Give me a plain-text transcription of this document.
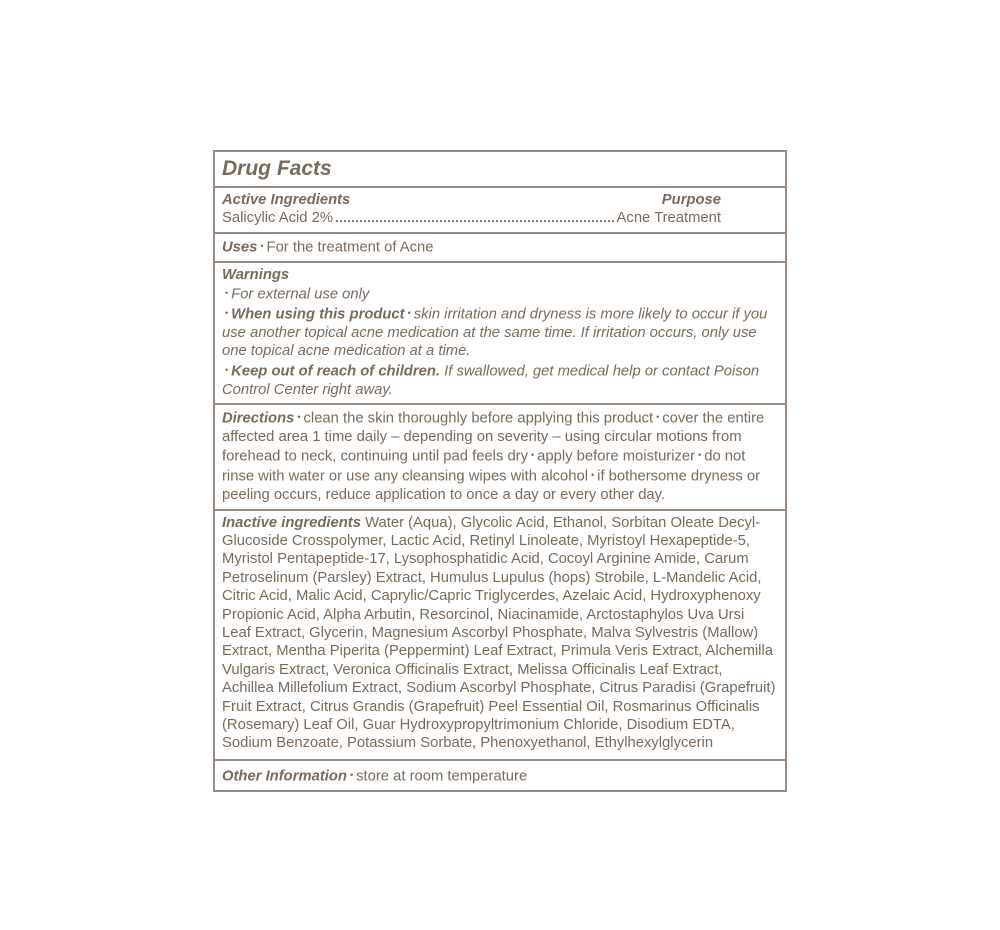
Drug Facts
Active Ingredients	Purpose
Salicylic Acid 2%	Acne Treatment

Uses • For the treatment of Acne

Warnings

• For external use only

• When using this product • skin irritation and dryness is more likely to occur if you use another topical acne medication at the same time. If irritation occurs, only use one topical acne medication at a time.

• Keep out of reach of children. If swallowed, get medical help or contact Poison Control Center right away.

Directions • clean the skin thoroughly before applying this product • cover the entire affected area 1 time daily – depending on severity – using circular motions from forehead to neck, continuing until pad feels dry • apply before moisturizer • do not rinse with water or use any cleansing wipes with alcohol • if bothersome dryness or peeling occurs, reduce application to once a day or every other day.

Inactive ingredients Water (Aqua), Glycolic Acid, Ethanol, Sorbitan Oleate Decyl-Glucoside Crosspolymer, Lactic Acid, Retinyl Linoleate, Myristoyl Hexapeptide-5, Myristol Pentapeptide-17, Lysophosphatidic Acid, Cocoyl Arginine Amide, Carum Petroselinum (Parsley) Extract, Humulus Lupulus (hops) Strobile, L-Mandelic Acid, Citric Acid, Malic Acid, Caprylic/Capric Triglycerdes, Azelaic Acid, Hydroxyphenoxy Propionic Acid, Alpha Arbutin, Resorcinol, Niacinamide, Arctostaphylos Uva Ursi Leaf Extract, Glycerin, Magnesium Ascorbyl Phosphate, Malva Sylvestris (Mallow) Extract, Mentha Piperita (Peppermint) Leaf Extract, Primula Veris Extract, Alchemilla Vulgaris Extract, Veronica Officinalis Extract, Melissa Officinalis Leaf Extract, Achillea Millefolium Extract, Sodium Ascorbyl Phosphate, Citrus Paradisi (Grapefruit) Fruit Extract, Citrus Grandis (Grapefruit) Peel Essential Oil, Rosmarinus Officinalis (Rosemary) Leaf Oil, Guar Hydroxypropyltrimonium Chloride, Disodium EDTA, Sodium Benzoate, Potassium Sorbate, Phenoxyethanol, Ethylhexylglycerin

Other Information • store at room temperature
